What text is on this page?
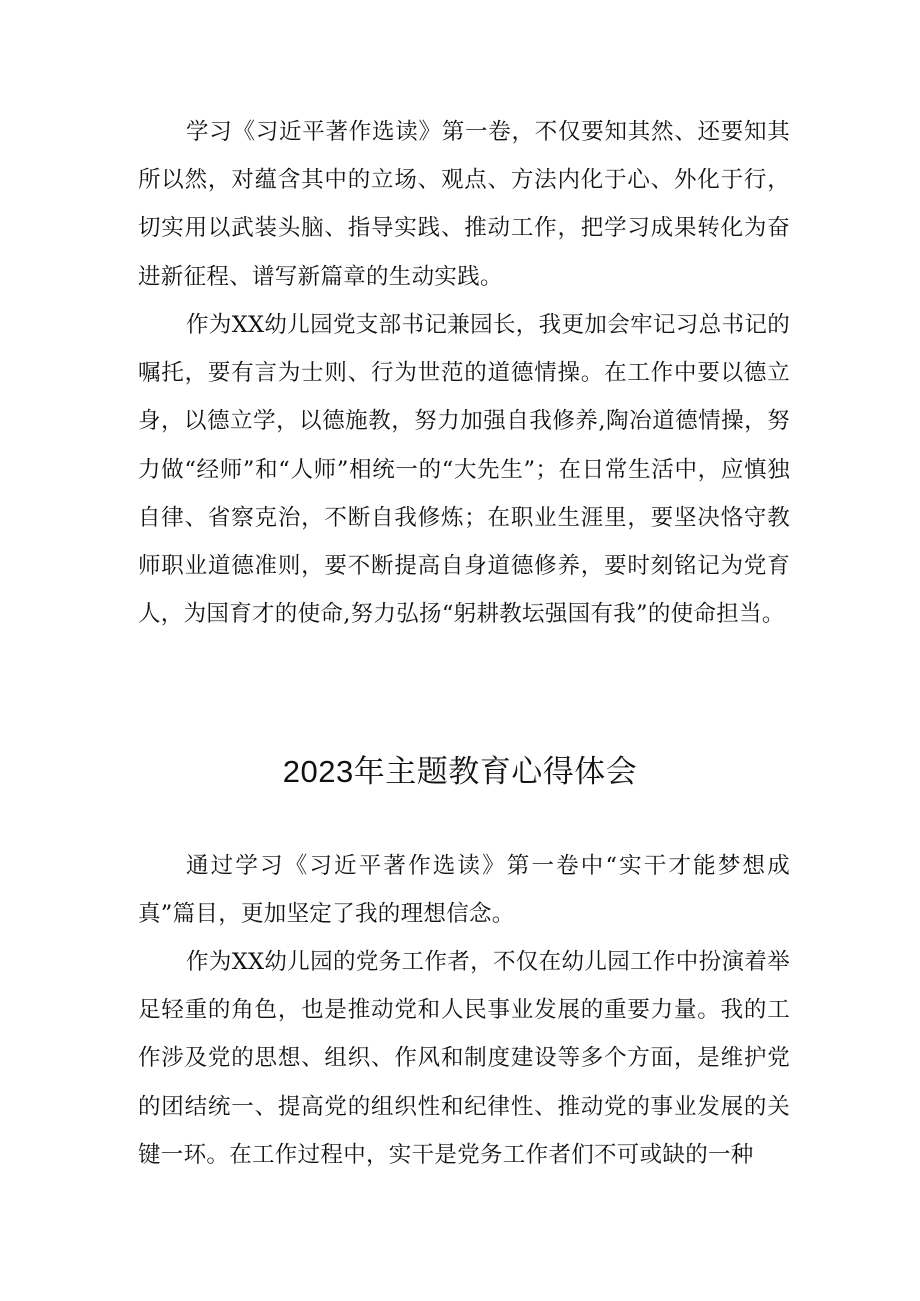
学习《习近平著作选读》第一卷，不仅要知其然、还要知其所以然，对蕴含其中的立场、观点、方法内化于心、外化于行，切实用以武装头脑、指导实践、推动工作，把学习成果转化为奋进新征程、谱写新篇章的生动实践。

作为XX幼儿园党支部书记兼园长，我更加会牢记习总书记的嘱托，要有言为士则、行为世范的道德情操。在工作中要以德立身，以德立学，以德施教，努力加强自我修养,陶冶道德情操，努力做“经师”和“人师”相统一的“大先生”；在日常生活中，应慎独自律、省察克治，不断自我修炼；在职业生涯里，要坚决恪守教师职业道德准则，要不断提高自身道德修养，要时刻铭记为党育人，为国育才的使命,努力弘扬“躬耕教坛强国有我”的使命担当。

2023年主题教育心得体会

通过学习《习近平著作选读》第一卷中“实干才能梦想成真”篇目，更加坚定了我的理想信念。

作为XX幼儿园的党务工作者，不仅在幼儿园工作中扮演着举足轻重的角色，也是推动党和人民事业发展的重要力量。我的工作涉及党的思想、组织、作风和制度建设等多个方面，是维护党的团结统一、提高党的组织性和纪律性、推动党的事业发展的关键一环。在工作过程中，实干是党务工作者们不可或缺的一种
